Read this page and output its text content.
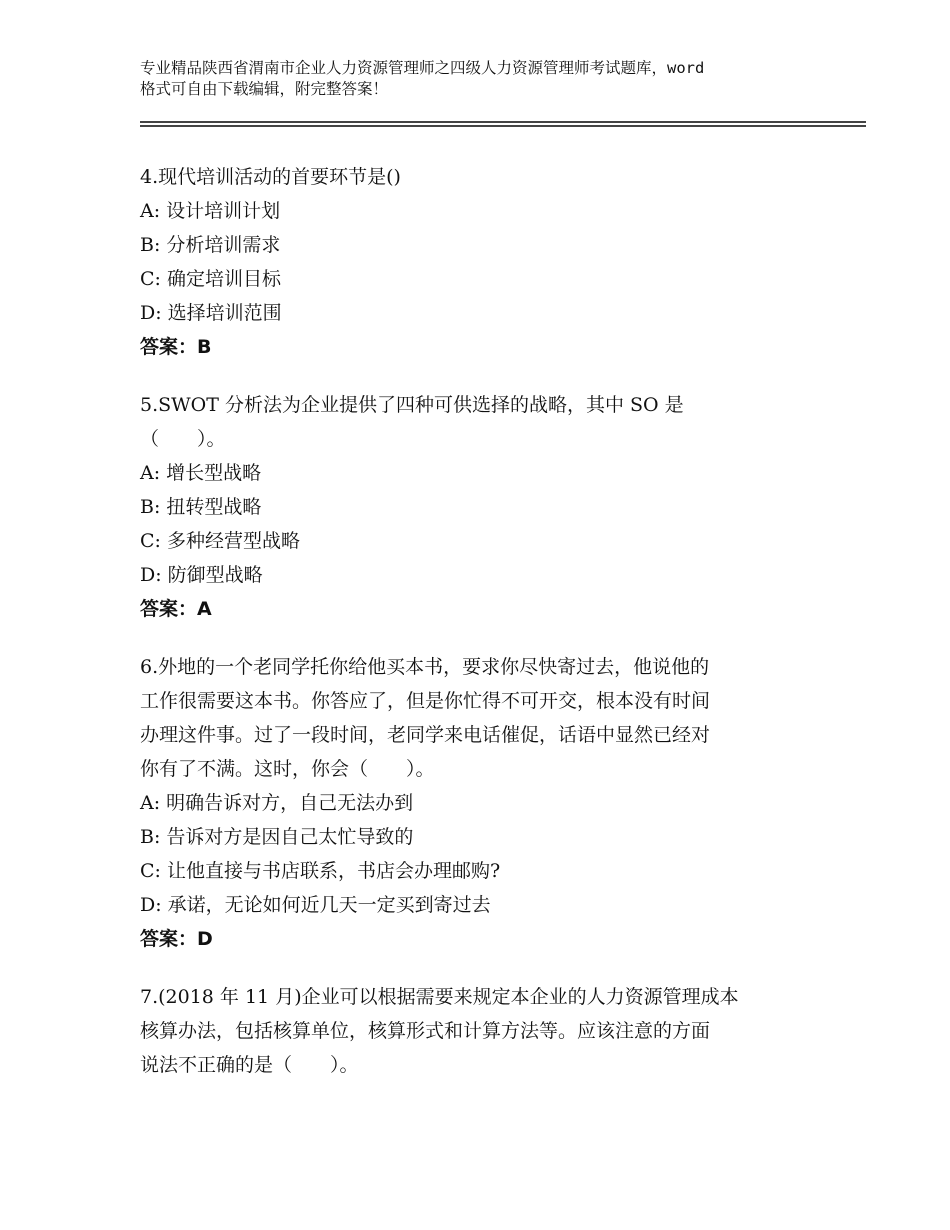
专业精品陕西省渭南市企业人力资源管理师之四级人力资源管理师考试题库，word
格式可自由下载编辑，附完整答案！
4.现代培训活动的首要环节是()
A: 设计培训计划
B: 分析培训需求
C: 确定培训目标
D: 选择培训范围
答案：B
5.SWOT 分析法为企业提供了四种可供选择的战略，其中 SO 是
（　　）。
A: 增长型战略
B: 扭转型战略
C: 多种经营型战略
D: 防御型战略
答案：A
6.外地的一个老同学托你给他买本书，要求你尽快寄过去，他说他的
工作很需要这本书。你答应了，但是你忙得不可开交，根本没有时间
办理这件事。过了一段时间，老同学来电话催促，话语中显然已经对
你有了不满。这时，你会（　　）。
A: 明确告诉对方，自己无法办到
B: 告诉对方是因自己太忙导致的
C: 让他直接与书店联系，书店会办理邮购?
D: 承诺，无论如何近几天一定买到寄过去
答案：D
7.(2018 年 11 月)企业可以根据需要来规定本企业的人力资源管理成本
核算办法，包括核算单位，核算形式和计算方法等。应该注意的方面
说法不正确的是（　　）。
